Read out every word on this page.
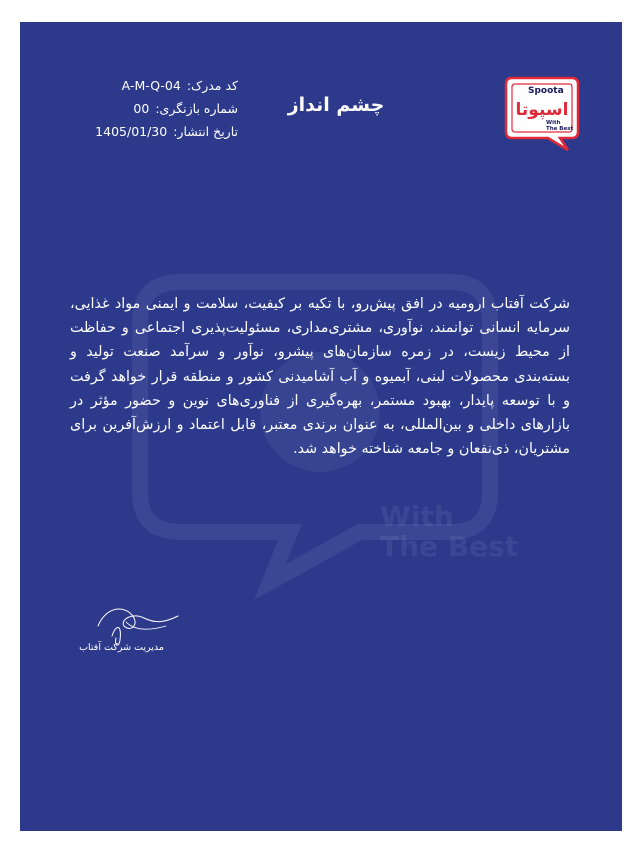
With
The Best
کد مدرک:
A-M-Q-04
شماره بازنگری:
00
تاریخ انتشار:
1405/01/30
چشم انداز
Spoota
اسپوتا
With
The Best
شرکت آفتاب ارومیه در افق پیش‌رو، با تکیه بر کیفیت، سلامت و ایمنی مواد غذایی، سرمایه انسانی توانمند، نوآوری، مشتری‌مداری، مسئولیت‌پذیری اجتماعی و حفاظت از محیط زیست، در زمره سازمان‌های پیشرو، نوآور و سرآمد صنعت تولید و بسته‌بندی محصولات لبنی، آبمیوه و آب آشامیدنی کشور و منطقه قرار خواهد گرفت و با توسعه پایدار، بهبود مستمر، بهره‌گیری از فناوری‌های نوین و حضور مؤثر در بازارهای داخلی و بین‌المللی، به عنوان برندی معتبر، قابل اعتماد و ارزش‌آفرین برای مشتریان، ذی‌نفعان و جامعه شناخته خواهد شد.
مدیریت شرکت آفتاب
